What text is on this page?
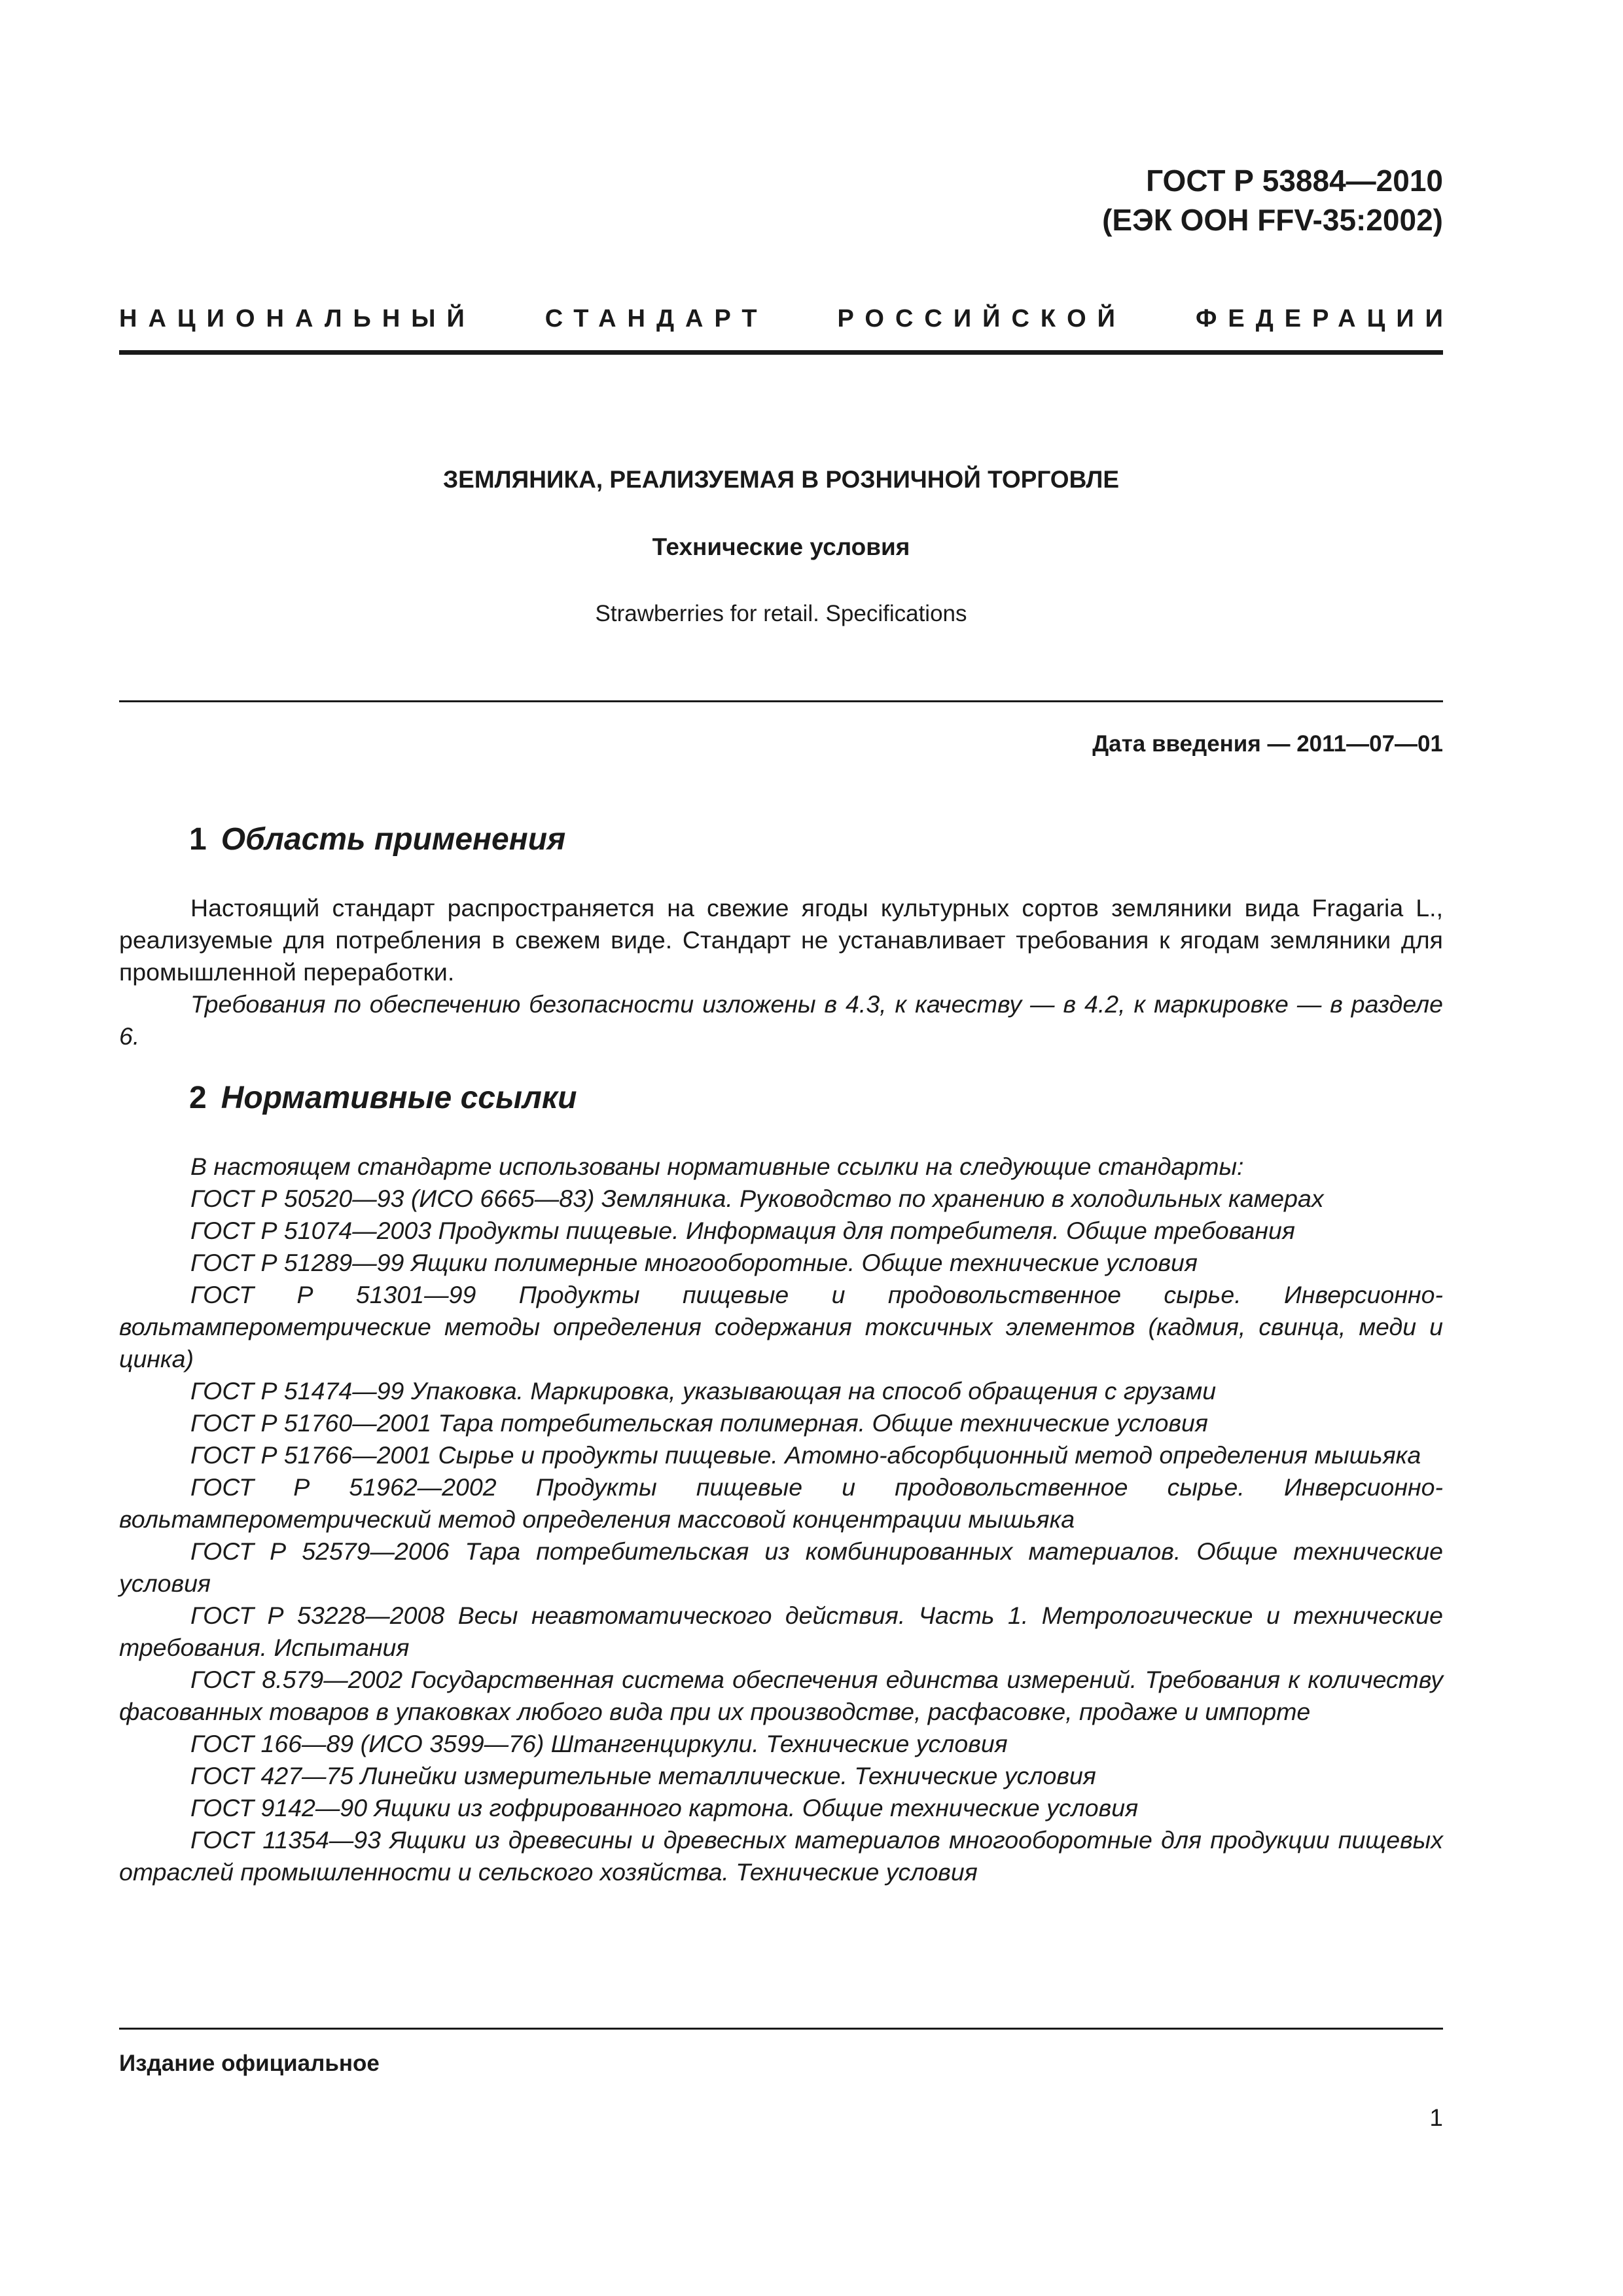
ГОСТ Р 53884—2010
(ЕЭК ООН FFV-35:2002)
НАЦИОНАЛЬНЫЙ	СТАНДАРТ	РОССИЙСКОЙ	ФЕДЕРАЦИИ
ЗЕМЛЯНИКА, РЕАЛИЗУЕМАЯ В РОЗНИЧНОЙ ТОРГОВЛЕ
Технические условия
Strawberries for retail. Specifications
Дата введения — 2011—07—01
1 Область применения

Настоящий стандарт распространяется на свежие ягоды культурных сортов земляники вида Fragaria L., реализуемые для потребления в свежем виде. Стандарт не устанавливает требования к ягодам земляники для промышленной переработки.

Требования по обеспечению безопасности изложены в 4.3, к качеству — в 4.2, к маркировке — в разделе 6.

2 Нормативные ссылки

В настоящем стандарте использованы нормативные ссылки на следующие стандарты:

ГОСТ Р 50520—93 (ИСО 6665—83) Земляника. Руководство по хранению в холодильных камерах

ГОСТ Р 51074—2003 Продукты пищевые. Информация для потребителя. Общие требования

ГОСТ Р 51289—99 Ящики полимерные многооборотные. Общие технические условия

ГОСТ Р 51301—99 Продукты пищевые и продовольственное сырье. Инверсионно-вольтамперометрические методы определения содержания токсичных элементов (кадмия, свинца, меди и цинка)

ГОСТ Р 51474—99 Упаковка. Маркировка, указывающая на способ обращения с грузами

ГОСТ Р 51760—2001 Тара потребительская полимерная. Общие технические условия

ГОСТ Р 51766—2001 Сырье и продукты пищевые. Атомно-абсорбционный метод определения мышьяка

ГОСТ Р 51962—2002 Продукты пищевые и продовольственное сырье. Инверсионно-вольтамперометрический метод определения массовой концентрации мышьяка

ГОСТ Р 52579—2006 Тара потребительская из комбинированных материалов. Общие технические условия

ГОСТ Р 53228—2008 Весы неавтоматического действия. Часть 1. Метрологические и технические требования. Испытания

ГОСТ 8.579—2002 Государственная система обеспечения единства измерений. Требования к количеству фасованных товаров в упаковках любого вида при их производстве, расфасовке, продаже и импорте

ГОСТ 166—89 (ИСО 3599—76) Штангенциркули. Технические условия

ГОСТ 427—75 Линейки измерительные металлические. Технические условия

ГОСТ 9142—90 Ящики из гофрированного картона. Общие технические условия

ГОСТ 11354—93 Ящики из древесины и древесных материалов многооборотные для продукции пищевых отраслей промышленности и сельского хозяйства. Технические условия

Издание официальное
1
